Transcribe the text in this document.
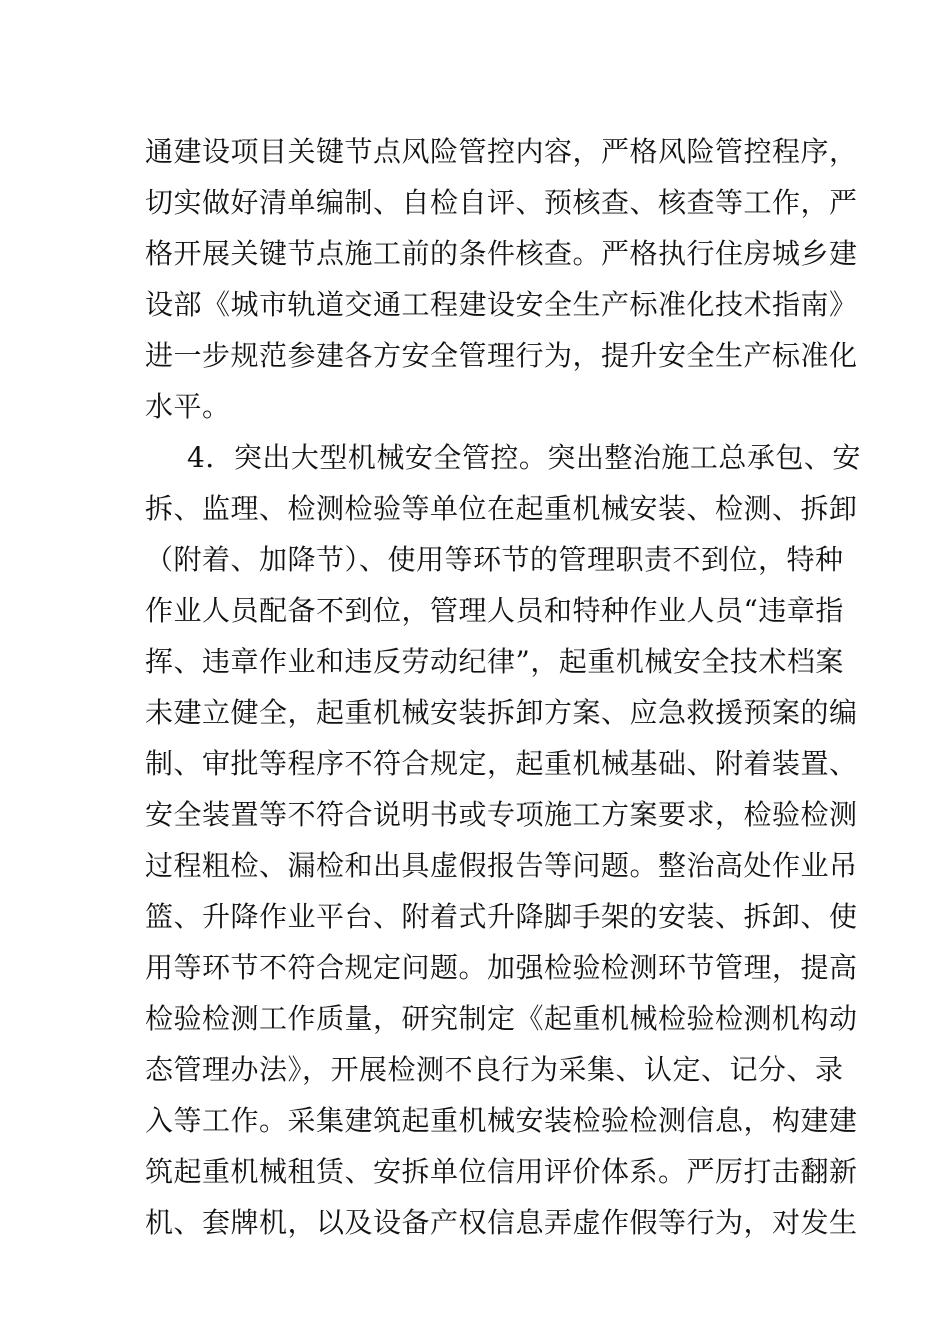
通建设项目关键节点风险管控内容，严格风险管控程序，
切实做好清单编制、自检自评、预核查、核查等工作，严
格开展关键节点施工前的条件核查。严格执行住房城乡建
设部《城市轨道交通工程建设安全生产标准化技术指南》
进一步规范参建各方安全管理行为，提升安全生产标准化
水平。
4．突出大型机械安全管控。突出整治施工总承包、安
拆、监理、检测检验等单位在起重机械安装、检测、拆卸
（附着、加降节）、使用等环节的管理职责不到位，特种
作业人员配备不到位，管理人员和特种作业人员“违章指
挥、违章作业和违反劳动纪律”，起重机械安全技术档案
未建立健全，起重机械安装拆卸方案、应急救援预案的编
制、审批等程序不符合规定，起重机械基础、附着装置、
安全装置等不符合说明书或专项施工方案要求，检验检测
过程粗检、漏检和出具虚假报告等问题。整治高处作业吊
篮、升降作业平台、附着式升降脚手架的安装、拆卸、使
用等环节不符合规定问题。加强检验检测环节管理，提高
检验检测工作质量，研究制定《起重机械检验检测机构动
态管理办法》，开展检测不良行为采集、认定、记分、录
入等工作。采集建筑起重机械安装检验检测信息，构建建
筑起重机械租赁、安拆单位信用评价体系。严厉打击翻新
机、套牌机，以及设备产权信息弄虚作假等行为，对发生
